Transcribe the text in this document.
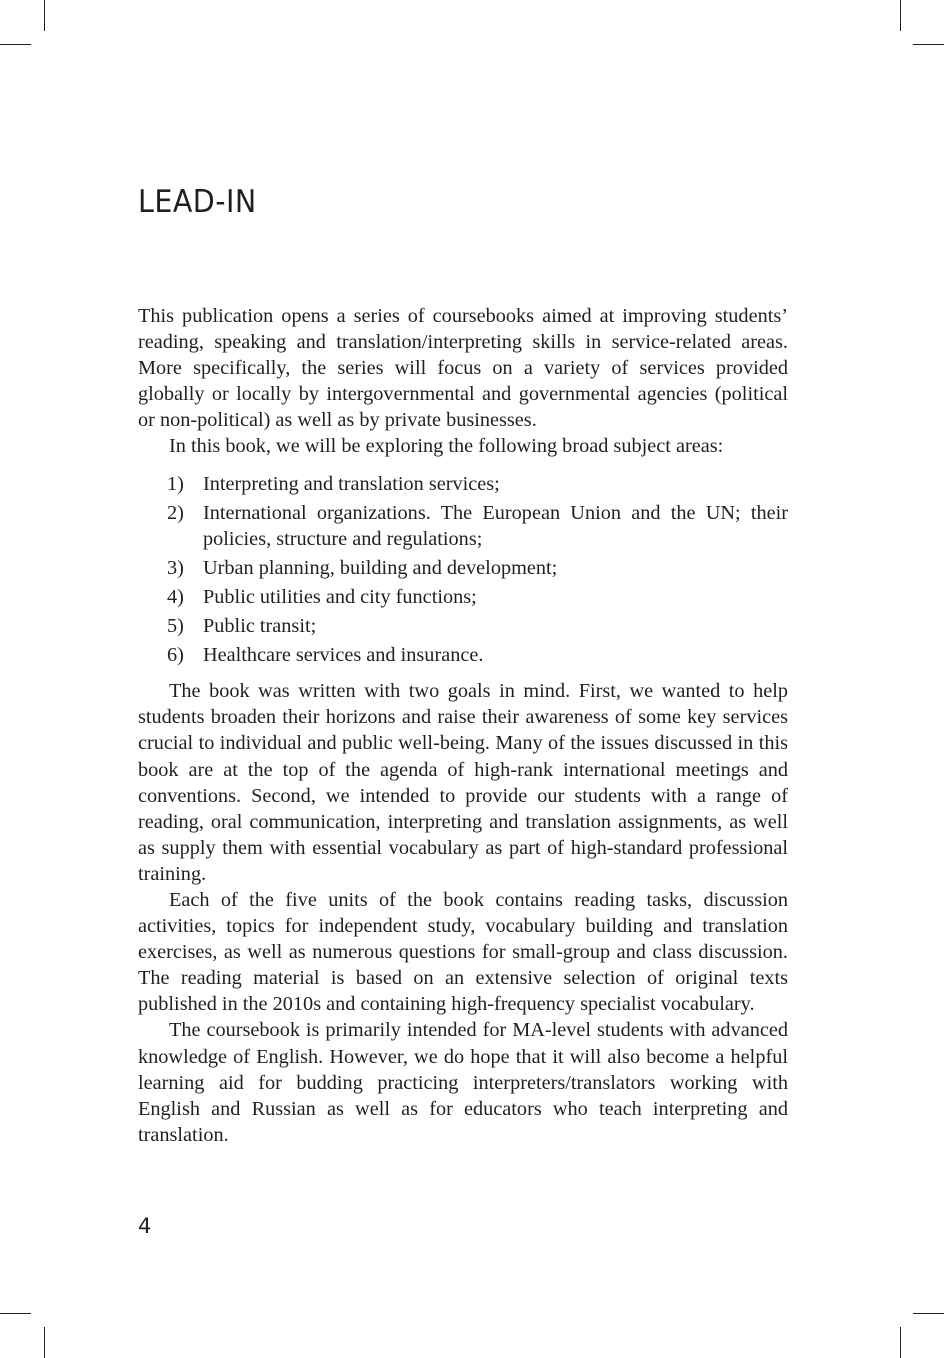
LEAD-IN

This publication opens a series of coursebooks aimed at improving students’ reading, speaking and translation/interpreting skills in service-related areas. More specifically, the series will focus on a variety of services provided globally or locally by intergovernmental and governmental agencies (political or non-political) as well as by private businesses.

In this book, we will be exploring the following broad subject areas:

1) Interpreting and translation services;
2) International organizations. The European Union and the UN; their policies, structure and regulations;
3) Urban planning, building and development;
4) Public utilities and city functions;
5) Public transit;
6) Healthcare services and insurance.

The book was written with two goals in mind. First, we wanted to help students broaden their horizons and raise their awareness of some key services crucial to individual and public well-being. Many of the issues discussed in this book are at the top of the agenda of high-rank international meetings and conventions. Second, we intended to provide our students with a range of reading, oral communication, interpreting and translation assignments, as well as supply them with essential vocabulary as part of high-standard professional training.

Each of the five units of the book contains reading tasks, discussion activities, topics for independent study, vocabulary building and translation exercises, as well as numerous questions for small-group and class discussion. The reading material is based on an extensive selection of original texts published in the 2010s and containing high-frequency specialist vocabulary.

The coursebook is primarily intended for MA-level students with advanced knowledge of English. However, we do hope that it will also become a helpful learning aid for budding practicing interpreters/translators working with English and Russian as well as for educators who teach interpreting and translation.

4
